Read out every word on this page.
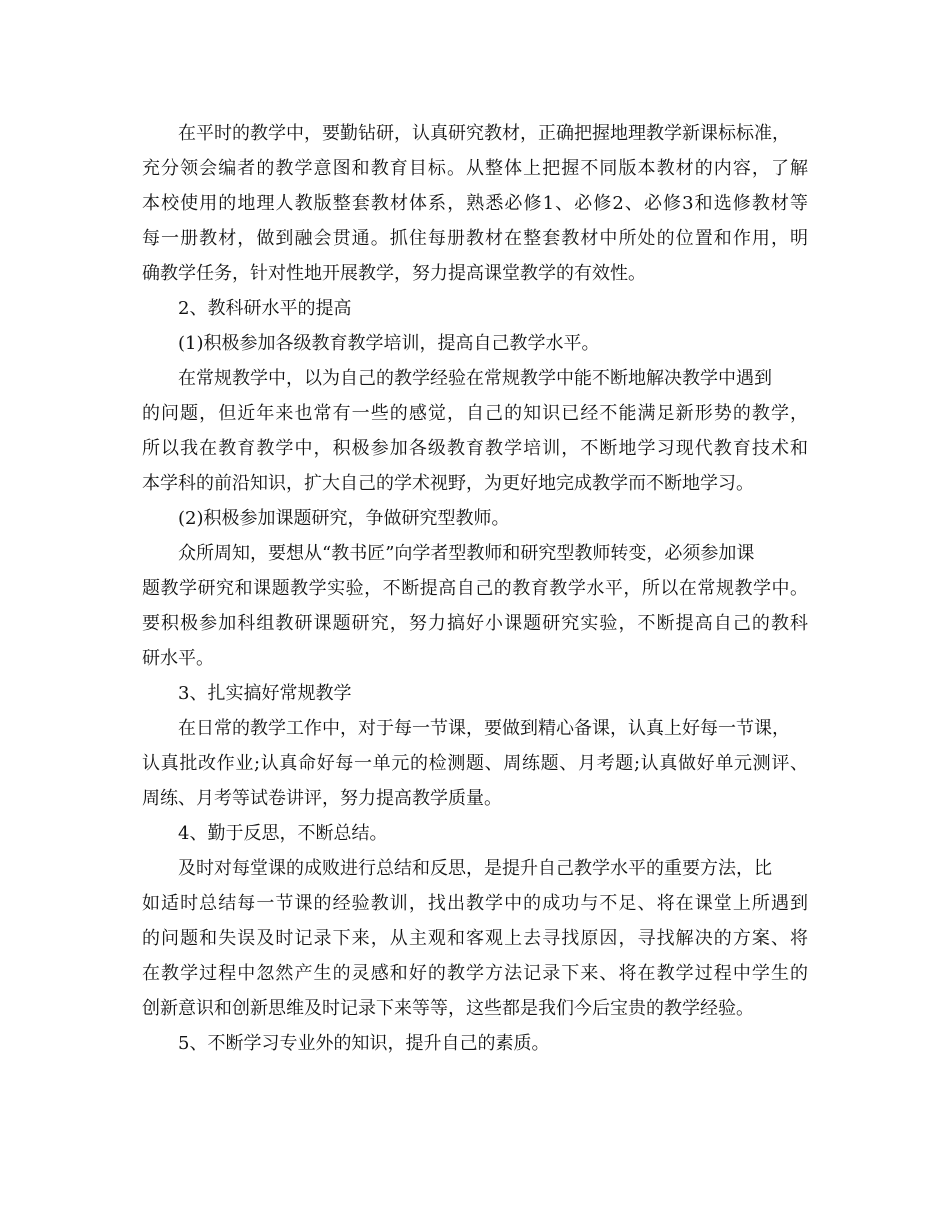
在平时的教学中，要勤钻研，认真研究教材，正确把握地理教学新课标标准，
充分领会编者的教学意图和教育目标。从整体上把握不同版本教材的内容，了解
本校使用的地理人教版整套教材体系，熟悉必修1、必修2、必修3和选修教材等
每一册教材，做到融会贯通。抓住每册教材在整套教材中所处的位置和作用，明
确教学任务，针对性地开展教学，努力提高课堂教学的有效性。
2、教科研水平的提高
(1)积极参加各级教育教学培训，提高自己教学水平。
在常规教学中，以为自己的教学经验在常规教学中能不断地解决教学中遇到
的问题，但近年来也常有一些的感觉，自己的知识已经不能满足新形势的教学，
所以我在教育教学中，积极参加各级教育教学培训，不断地学习现代教育技术和
本学科的前沿知识，扩大自己的学术视野，为更好地完成教学而不断地学习。
(2)积极参加课题研究，争做研究型教师。
众所周知，要想从“教书匠”向学者型教师和研究型教师转变，必须参加课
题教学研究和课题教学实验，不断提高自己的教育教学水平，所以在常规教学中。
要积极参加科组教研课题研究，努力搞好小课题研究实验，不断提高自己的教科
研水平。
3、扎实搞好常规教学
在日常的教学工作中，对于每一节课，要做到精心备课，认真上好每一节课，
认真批改作业;认真命好每一单元的检测题、周练题、月考题;认真做好单元测评、
周练、月考等试卷讲评，努力提高教学质量。
4、勤于反思，不断总结。
及时对每堂课的成败进行总结和反思，是提升自己教学水平的重要方法，比
如适时总结每一节课的经验教训，找出教学中的成功与不足、将在课堂上所遇到
的问题和失误及时记录下来，从主观和客观上去寻找原因，寻找解决的方案、将
在教学过程中忽然产生的灵感和好的教学方法记录下来、将在教学过程中学生的
创新意识和创新思维及时记录下来等等，这些都是我们今后宝贵的教学经验。
5、不断学习专业外的知识，提升自己的素质。
